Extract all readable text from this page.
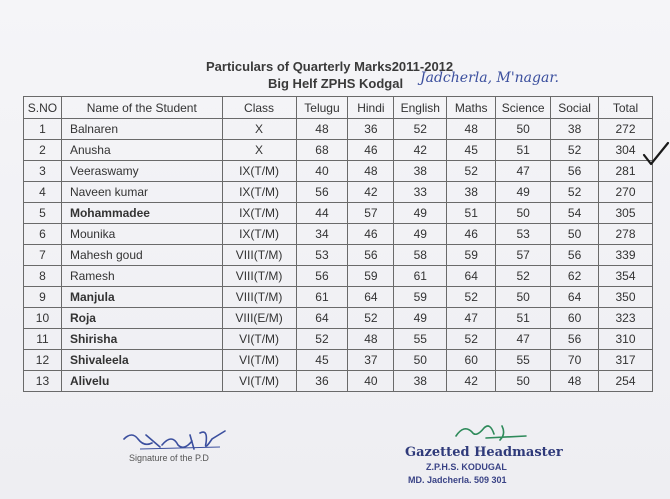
Particulars of Quarterly Marks2011-2012
Big Helf ZPHS Kodgal Jadcherla, M'nagar.
S.NO	Name of the Student	Class	Telugu	Hindi	English	Maths	Science	Social	Total
1	Balnaren	X	48	36	52	48	50	38	272
2	Anusha	X	68	46	42	45	51	52	304
3	Veeraswamy	IX(T/M)	40	48	38	52	47	56	281
4	Naveen kumar	IX(T/M)	56	42	33	38	49	52	270
5	Mohammadee	IX(T/M)	44	57	49	51	50	54	305
6	Mounika	IX(T/M)	34	46	49	46	53	50	278
7	Mahesh goud	VIII(T/M)	53	56	58	59	57	56	339
8	Ramesh	VIII(T/M)	56	59	61	64	52	62	354
9	Manjula	VIII(T/M)	61	64	59	52	50	64	350
10	Roja	VIII(E/M)	64	52	49	47	51	60	323
11	Shirisha	VI(T/M)	52	48	55	52	47	56	310
12	Shivaleela	VI(T/M)	45	37	50	60	55	70	317
13	Alivelu	VI(T/M)	36	40	38	42	50	48	254
Signature of the P.D	Gazetted Headmaster
Z.P.H.S. KODUGAL
MD. Jadcherla. 509 301
